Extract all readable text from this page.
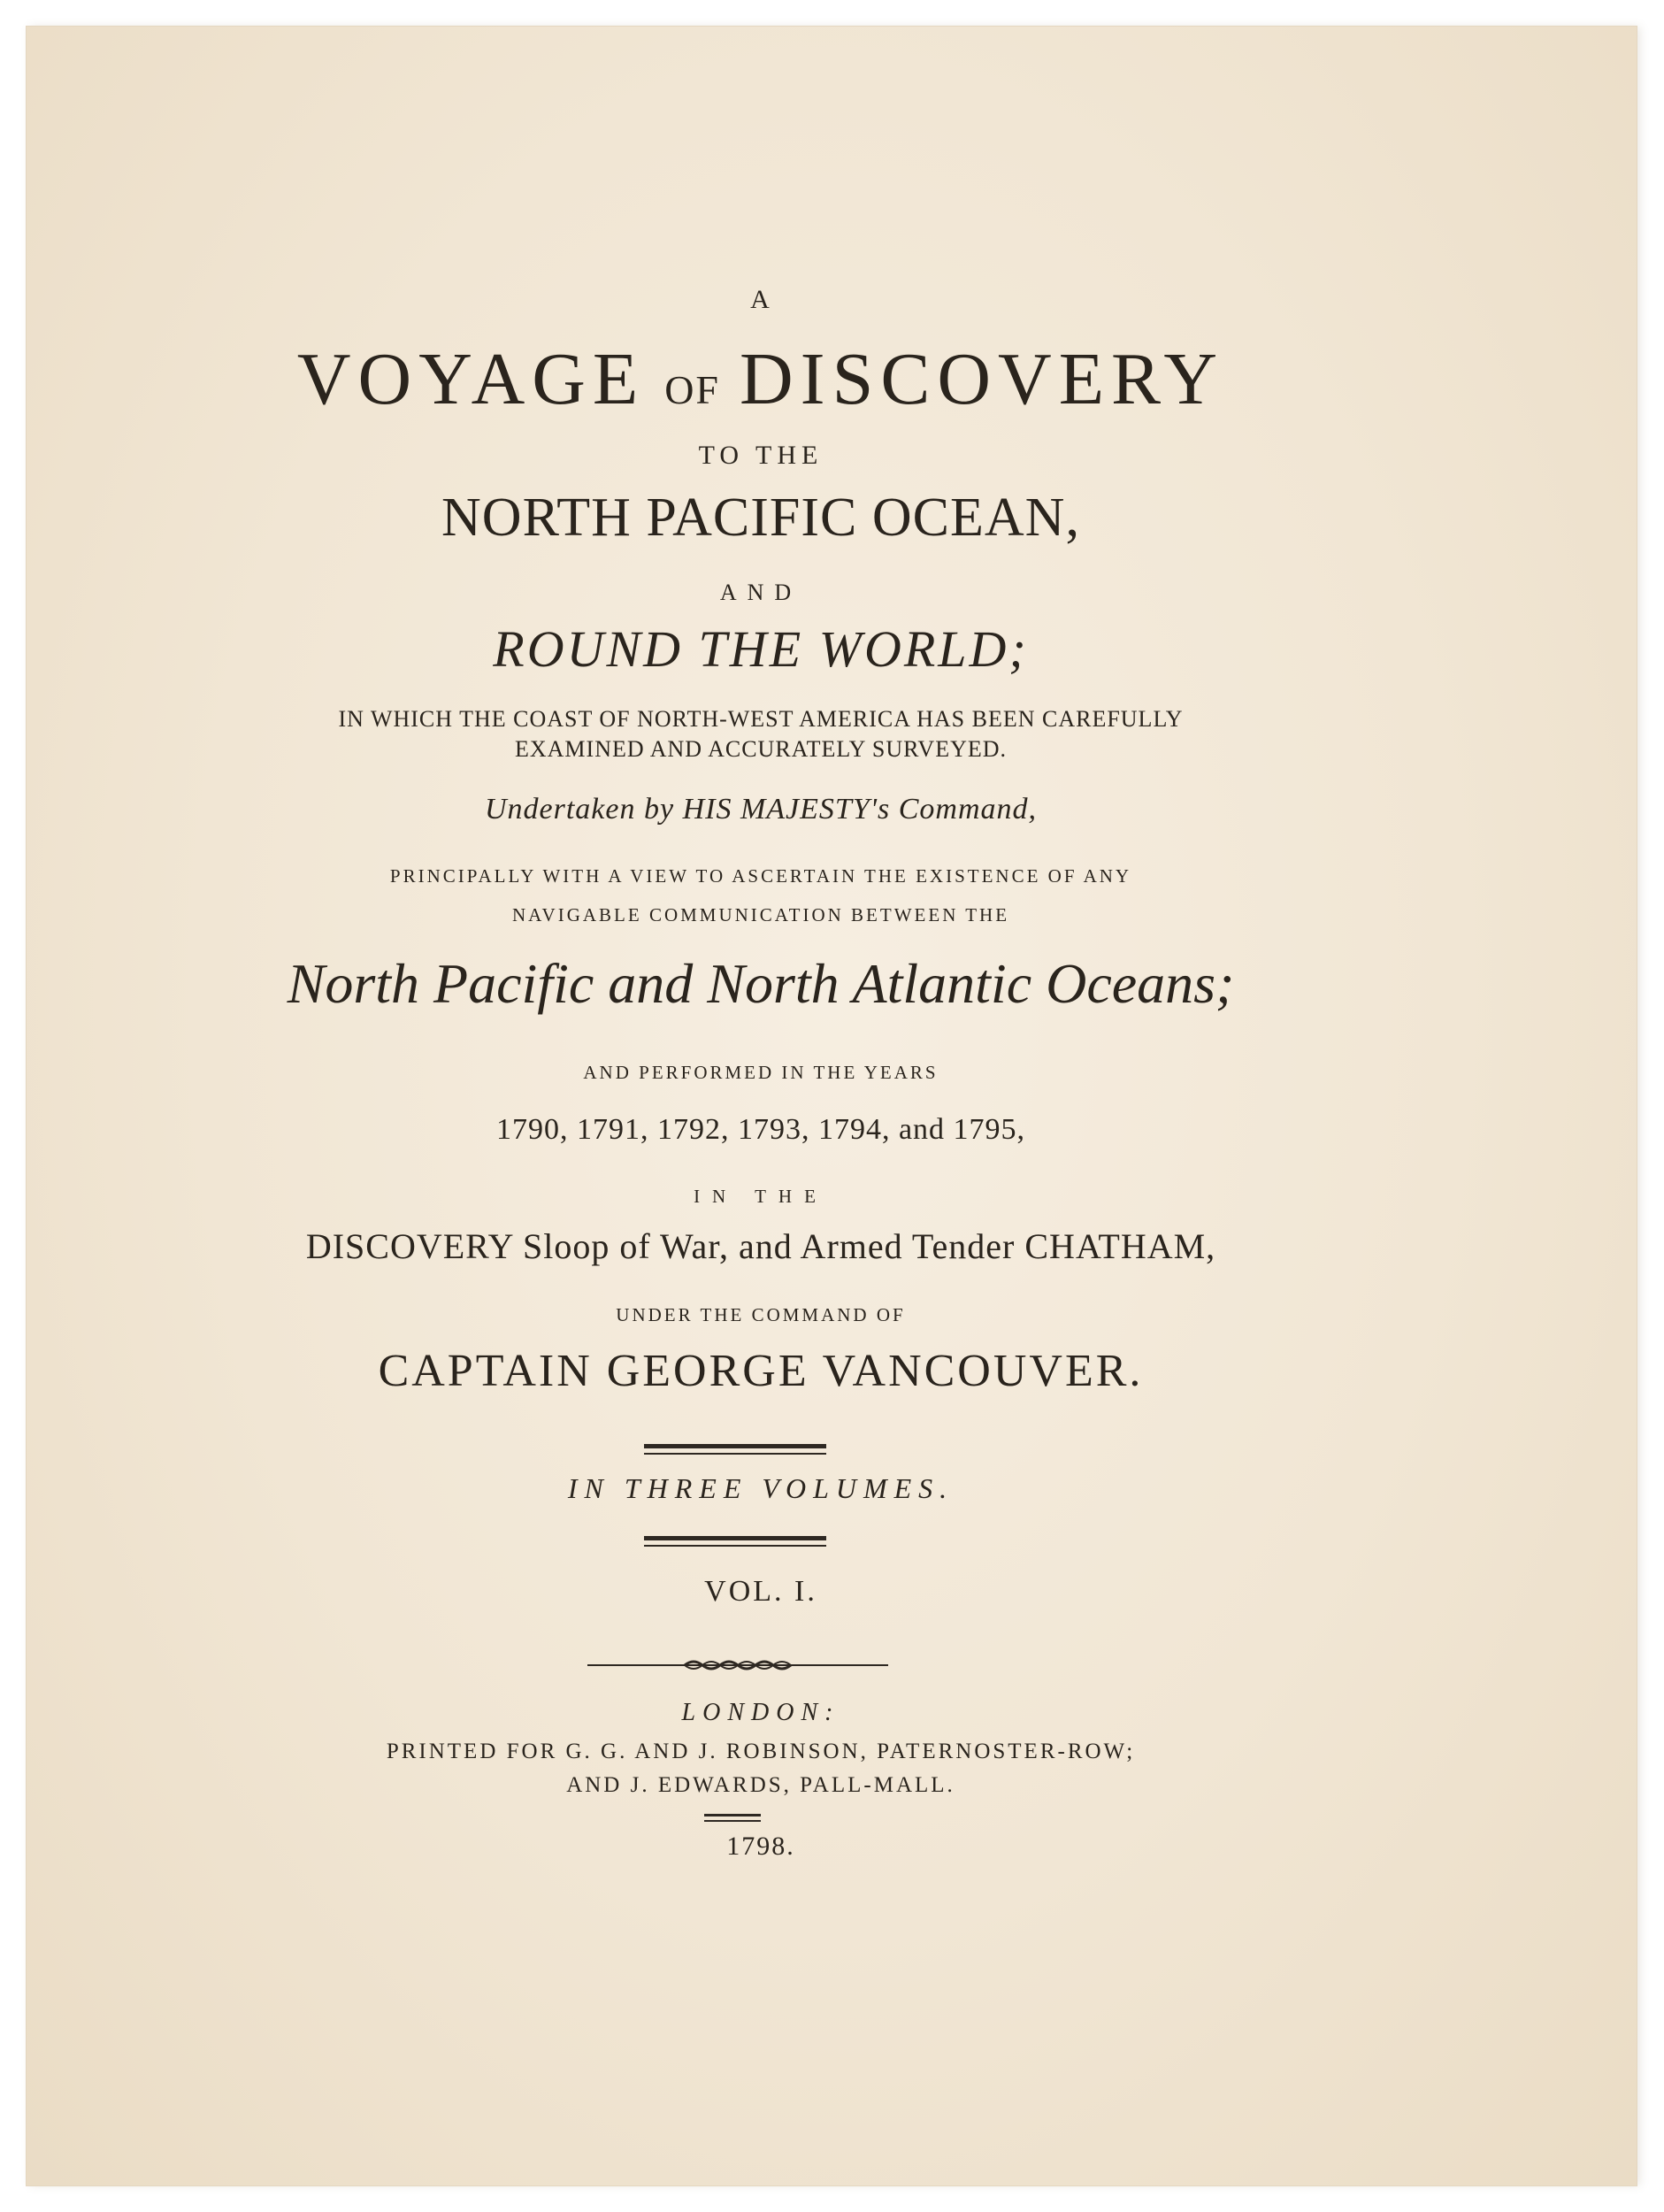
A
VOYAGE OF DISCOVERY
TO THE
NORTH PACIFIC OCEAN,
AND
ROUND THE WORLD;
IN WHICH THE COAST OF NORTH-WEST AMERICA HAS BEEN CAREFULLY
EXAMINED AND ACCURATELY SURVEYED.
Undertaken by HIS MAJESTY's Command,
PRINCIPALLY WITH A VIEW TO ASCERTAIN THE EXISTENCE OF ANY
NAVIGABLE COMMUNICATION BETWEEN THE
North Pacific and North Atlantic Oceans;
AND PERFORMED IN THE YEARS
1790, 1791, 1792, 1793, 1794, and 1795,
IN THE
DISCOVERY Sloop of War, and Armed Tender CHATHAM,
UNDER THE COMMAND OF
CAPTAIN GEORGE VANCOUVER.
IN THREE VOLUMES.
VOL. I.
LONDON:
PRINTED FOR G. G. AND J. ROBINSON, PATERNOSTER-ROW;
AND J. EDWARDS, PALL-MALL.
1798.
